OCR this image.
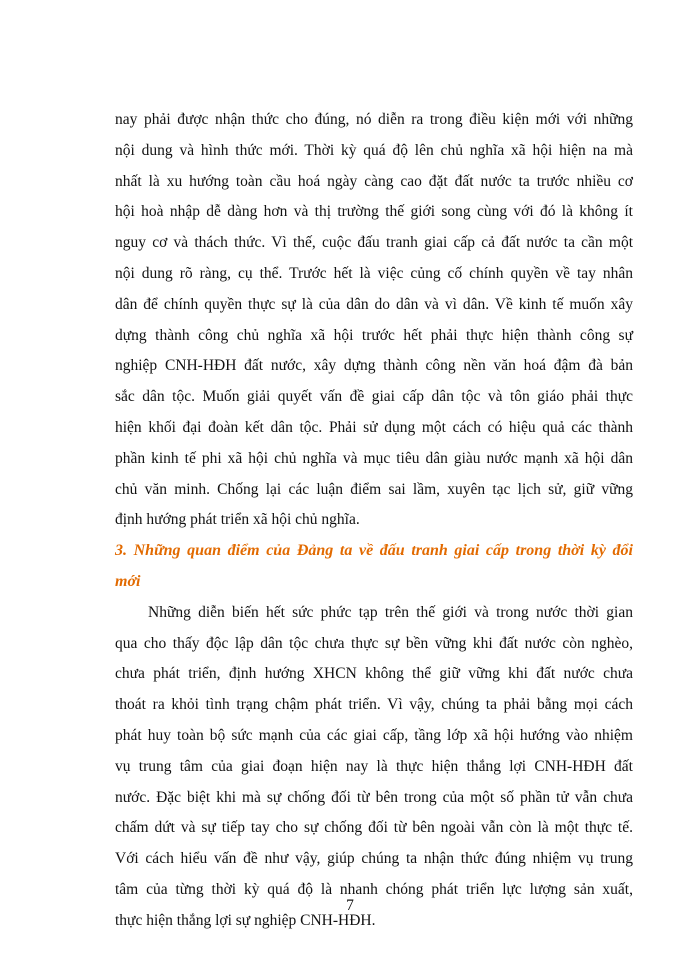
nay phải được nhận thức cho đúng, nó diễn ra trong điều kiện mới với những
nội dung và hình thức mới. Thời kỳ quá độ lên chủ nghĩa xã hội hiện na mà
nhất là xu hướng toàn cầu hoá ngày càng cao đặt đất nước ta trước nhiều cơ
hội hoà nhập dễ dàng hơn và thị trường thế giới song cùng với đó là không ít
nguy cơ và thách thức. Vì thế, cuộc đấu tranh giai cấp cả đất nước ta cần một
nội dung rõ ràng, cụ thể. Trước hết là việc củng cố chính quyền về tay nhân
dân để chính quyền thực sự là của dân do dân và vì dân. Về kinh tế muốn xây
dựng thành công chủ nghĩa xã hội trước hết phải thực hiện thành công sự
nghiệp CNH-HĐH đất nước, xây dựng thành công nền văn hoá đậm đà bản
sắc dân tộc. Muốn giải quyết vấn đề giai cấp dân tộc và tôn giáo phải thực
hiện khối đại đoàn kết dân tộc. Phải sử dụng một cách có hiệu quả các thành
phần kinh tế phi xã hội chủ nghĩa và mục tiêu dân giàu nước mạnh xã hội dân
chủ văn minh. Chống lại các luận điểm sai lầm, xuyên tạc lịch sử, giữ vững
định hướng phát triển xã hội chủ nghĩa.
3. Những quan điểm của Đảng ta về đấu tranh giai cấp trong thời kỳ đổi
mới
Những diễn biến hết sức phức tạp trên thế giới và trong nước thời gian
qua cho thấy độc lập dân tộc chưa thực sự bền vững khi đất nước còn nghèo,
chưa phát triển, định hướng XHCN không thể giữ vững khi đất nước chưa
thoát ra khỏi tình trạng chậm phát triển. Vì vậy, chúng ta phải bằng mọi cách
phát huy toàn bộ sức mạnh của các giai cấp, tầng lớp xã hội hướng vào nhiệm
vụ trung tâm của giai đoạn hiện nay là thực hiện thắng lợi CNH-HĐH đất
nước. Đặc biệt khi mà sự chống đối từ bên trong của một số phần tử vẫn chưa
chấm dứt và sự tiếp tay cho sự chống đối từ bên ngoài vẫn còn là một thực tế.
Với cách hiểu vấn đề như vậy, giúp chúng ta nhận thức đúng nhiệm vụ trung
tâm của từng thời kỳ quá độ là nhanh chóng phát triển lực lượng sản xuất,
thực hiện thắng lợi sự nghiệp CNH-HĐH.
7
